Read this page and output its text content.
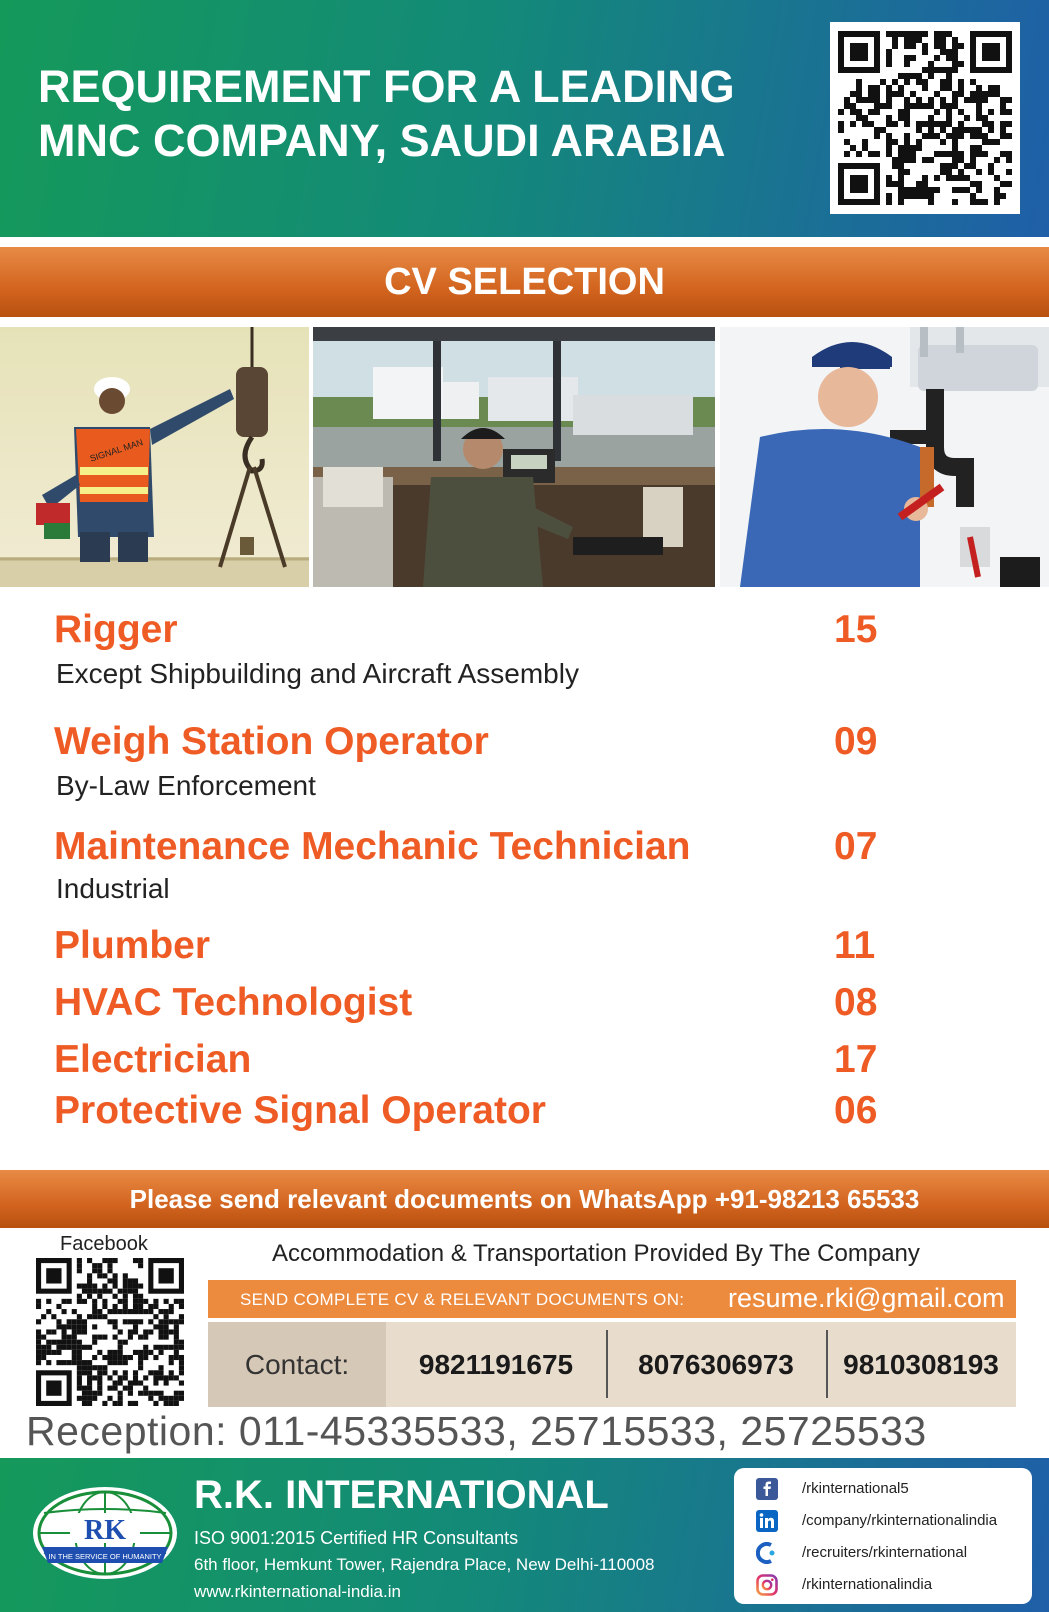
REQUIREMENT FOR A LEADING
MNC COMPANY, SAUDI ARABIA
CV SELECTION
SIGNAL MAN
Rigger	15
Except Shipbuilding and Aircraft Assembly
Weigh Station Operator	09
By-Law Enforcement
Maintenance Mechanic Technician	07
Industrial
Plumber	11
HVAC Technologist	08
Electrician	17
Protective Signal Operator	06
Please send relevant documents on WhatsApp +91-98213 65533
Facebook	Accommodation & Transportation Provided By The Company
SEND COMPLETE CV & RELEVANT DOCUMENTS ON: resume.rki@gmail.com
Contact:	9821191675	8076306973	9810308193
Reception: 011-45335533, 25715533, 25725533
RK
IN THE SERVICE OF HUMANITY
R.K. INTERNATIONAL
ISO 9001:2015 Certified HR Consultants
6th floor, Hemkunt Tower, Rajendra Place, New Delhi-110008
www.rkinternational-india.in
/rkinternational5
/company/rkinternationalindia
/recruiters/rkinternational
/rkinternationalindia
